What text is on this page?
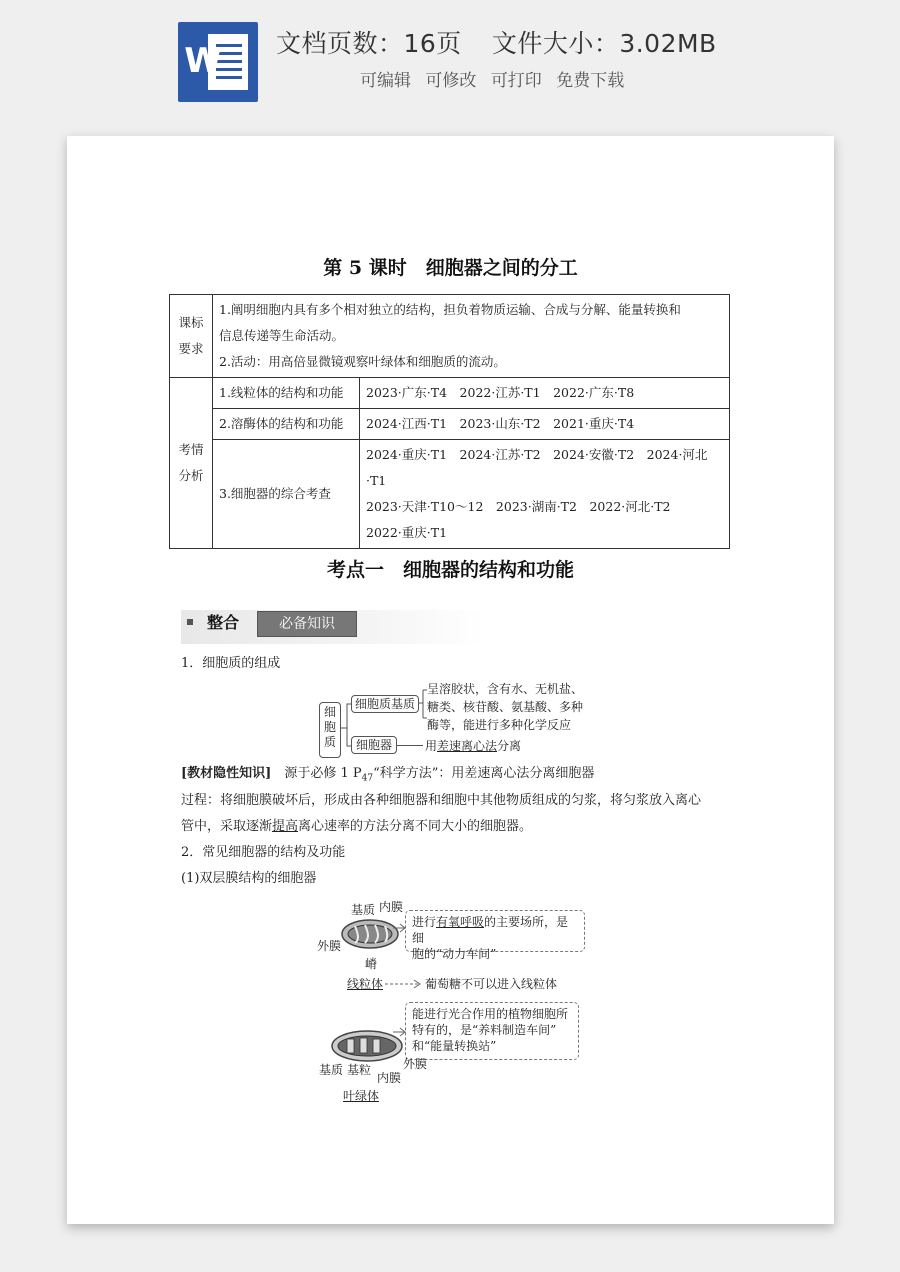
W 文档页数：16页 文件大小：3.02MB
可编辑 可修改 可打印 免费下载
第 5 课时　细胞器之间的分工
课标
要求	1.阐明细胞内具有多个相对独立的结构，担负着物质运输、合成与分解、能量转换和
信息传递等生命活动。
2.活动：用高倍显微镜观察叶绿体和细胞质的流动。	

考情
分析	1.线粒体的结构和功能	2023·广东·T4　2022·江苏·T1　2022·广东·T8
	2.溶酶体的结构和功能	2024·江西·T1　2023·山东·T2　2021·重庆·T4
	3.细胞器的综合考查	2024·重庆·T1　2024·江苏·T2　2024·安徽·T2　2024·河北·T1
2023·天津·T10～12　2023·湖南·T2　2022·河北·T2
2022·重庆·T1
考点一　细胞器的结构和功能
整合	必备知识
1．细胞质的组成
细
胞
质
细胞质基质
呈溶胶状，含有水、无机盐、
糖类、核苷酸、氨基酸、多种
酶等，能进行多种化学反应
细胞器	用差速离心法分离
[教材隐性知识]　 源于必修 1 $P_{47}“$科学方法”：用差速离心法分离细胞器
过程：将细胞膜破坏后，形成由各种细胞器和细胞中其他物质组成的匀浆，将匀浆放入离心
管中，采取逐渐提高离心速率的方法分离不同大小的细胞器。
2．常见细胞器的结构及功能
(1)双层膜结构的细胞器
基质 内膜
外膜
嵴
进行有氧呼吸的主要场所，是细
胞的“动力车间”
线粒体	葡萄糖不可以进入线粒体
能进行光合作用的植物细胞所
特有的，是“养料制造车间”
和“能量转换站”
基质 基粒
内膜
外膜
叶绿体
